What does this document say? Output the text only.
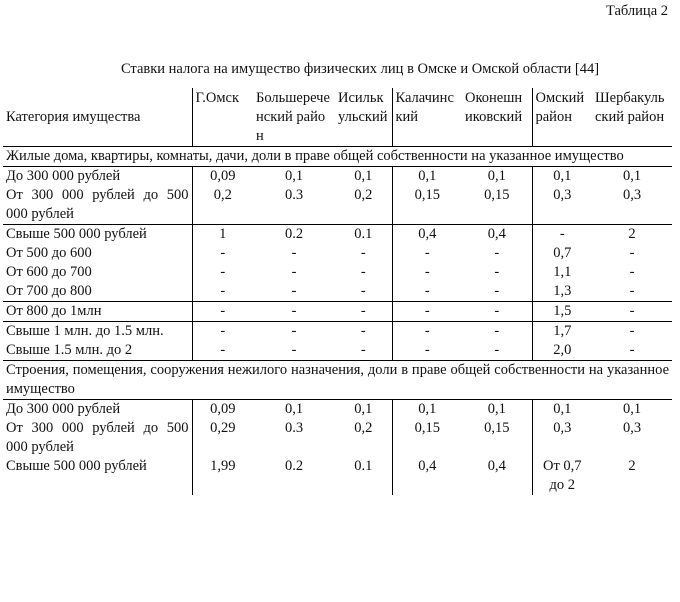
Таблица 2
Ставки налога на имущество физических лиц в Омске и Омской области [44]
Категория имущества	Г.Омск	Большереченский район	Исилькульский	Калачинский	Оконешниковский	Омский район	Шербакульский район
Жилые дома, квартиры, комнаты, дачи, доли в праве общей собственности на указанное имущество							
До 300 000 рублей	0,09	0,1	0,1	0,1	0,1	0,1	0,1
От 300 000 рублей до 500 000 рублей	0,2	0.3	0,2	0,15	0,15	0,3	0,3
Свыше 500 000 рублей	1	0.2	0.1	0,4	0,4	-	2
От 500 до 600	-	-	-	-	-	0,7	-
От 600 до 700	-	-	-	-	-	1,1	-
От 700 до 800	-	-	-	-	-	1,3	-
От 800 до 1млн	-	-	-	-	-	1,5	-
Свыше 1 млн. до 1.5 млн.	-	-	-	-	-	1,7	-
Свыше 1.5 млн. до 2	-	-	-	-	-	2,0	-
Строения, помещения, сооружения нежилого назначения, доли в праве общей собственности на указанное имущество							
До 300 000 рублей	0,09	0,1	0,1	0,1	0,1	0,1	0,1
От 300 000 рублей до 500 000 рублей	0,29	0.3	0,2	0,15	0,15	0,3	0,3
Свыше 500 000 рублей	1,99	0.2	0.1	0,4	0,4	От 0,7 до 2	2
